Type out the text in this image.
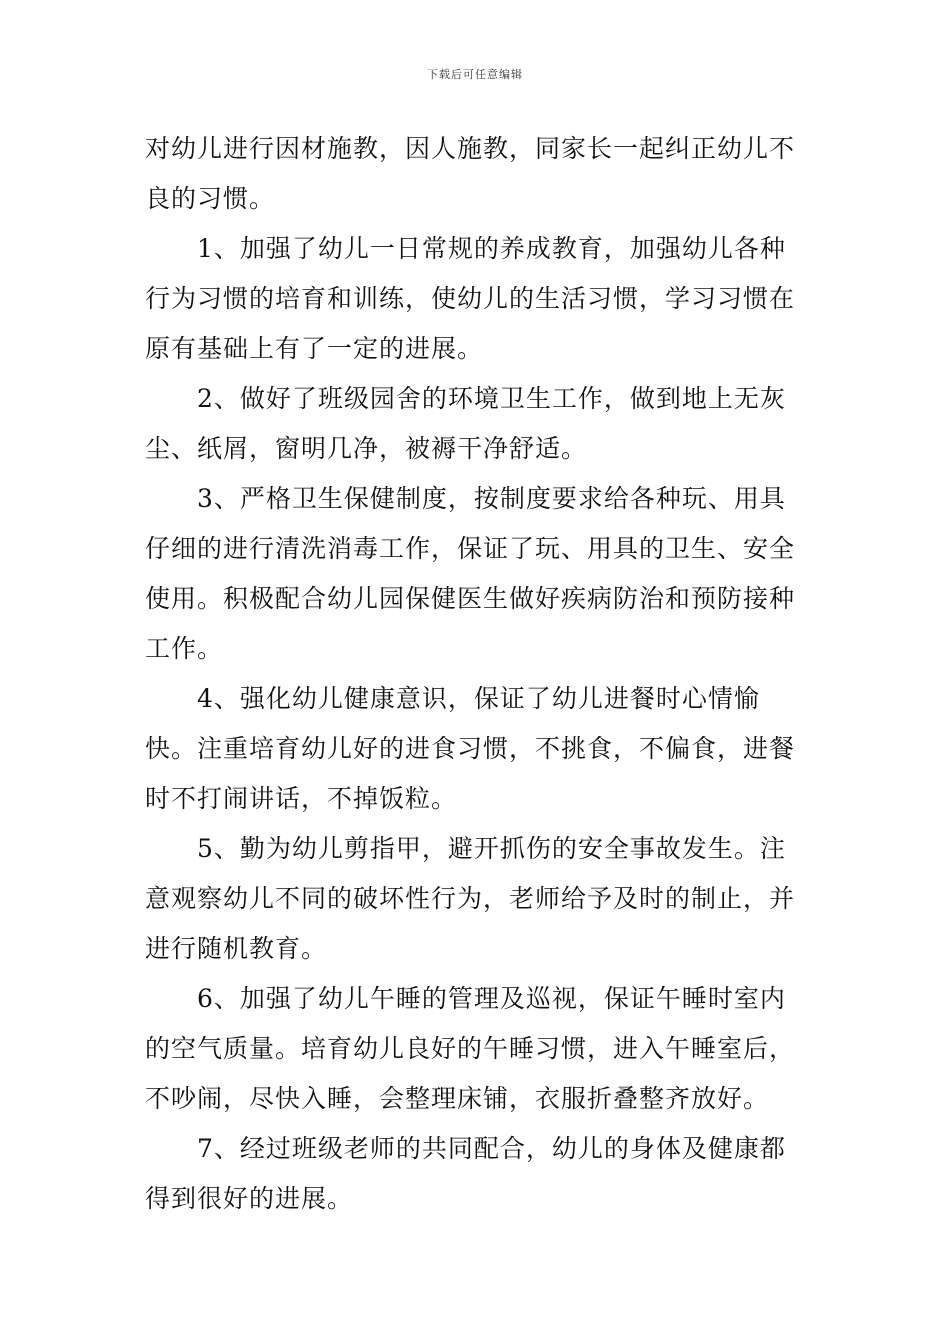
下载后可任意编辑

对幼儿进行因材施教，因人施教，同家长一起纠正幼儿不良的习惯。

1、加强了幼儿一日常规的养成教育，加强幼儿各种行为习惯的培育和训练，使幼儿的生活习惯，学习习惯在原有基础上有了一定的进展。

2、做好了班级园舍的环境卫生工作，做到地上无灰尘、纸屑，窗明几净，被褥干净舒适。

3、严格卫生保健制度，按制度要求给各种玩、用具仔细的进行清洗消毒工作，保证了玩、用具的卫生、安全使用。积极配合幼儿园保健医生做好疾病防治和预防接种工作。

4、强化幼儿健康意识，保证了幼儿进餐时心情愉快。注重培育幼儿好的进食习惯，不挑食，不偏食，进餐时不打闹讲话，不掉饭粒。

5、勤为幼儿剪指甲，避开抓伤的安全事故发生。注意观察幼儿不同的破坏性行为，老师给予及时的制止，并进行随机教育。

6、加强了幼儿午睡的管理及巡视，保证午睡时室内的空气质量。培育幼儿良好的午睡习惯，进入午睡室后，不吵闹，尽快入睡，会整理床铺，衣服折叠整齐放好。

7、经过班级老师的共同配合，幼儿的身体及健康都得到很好的进展。
